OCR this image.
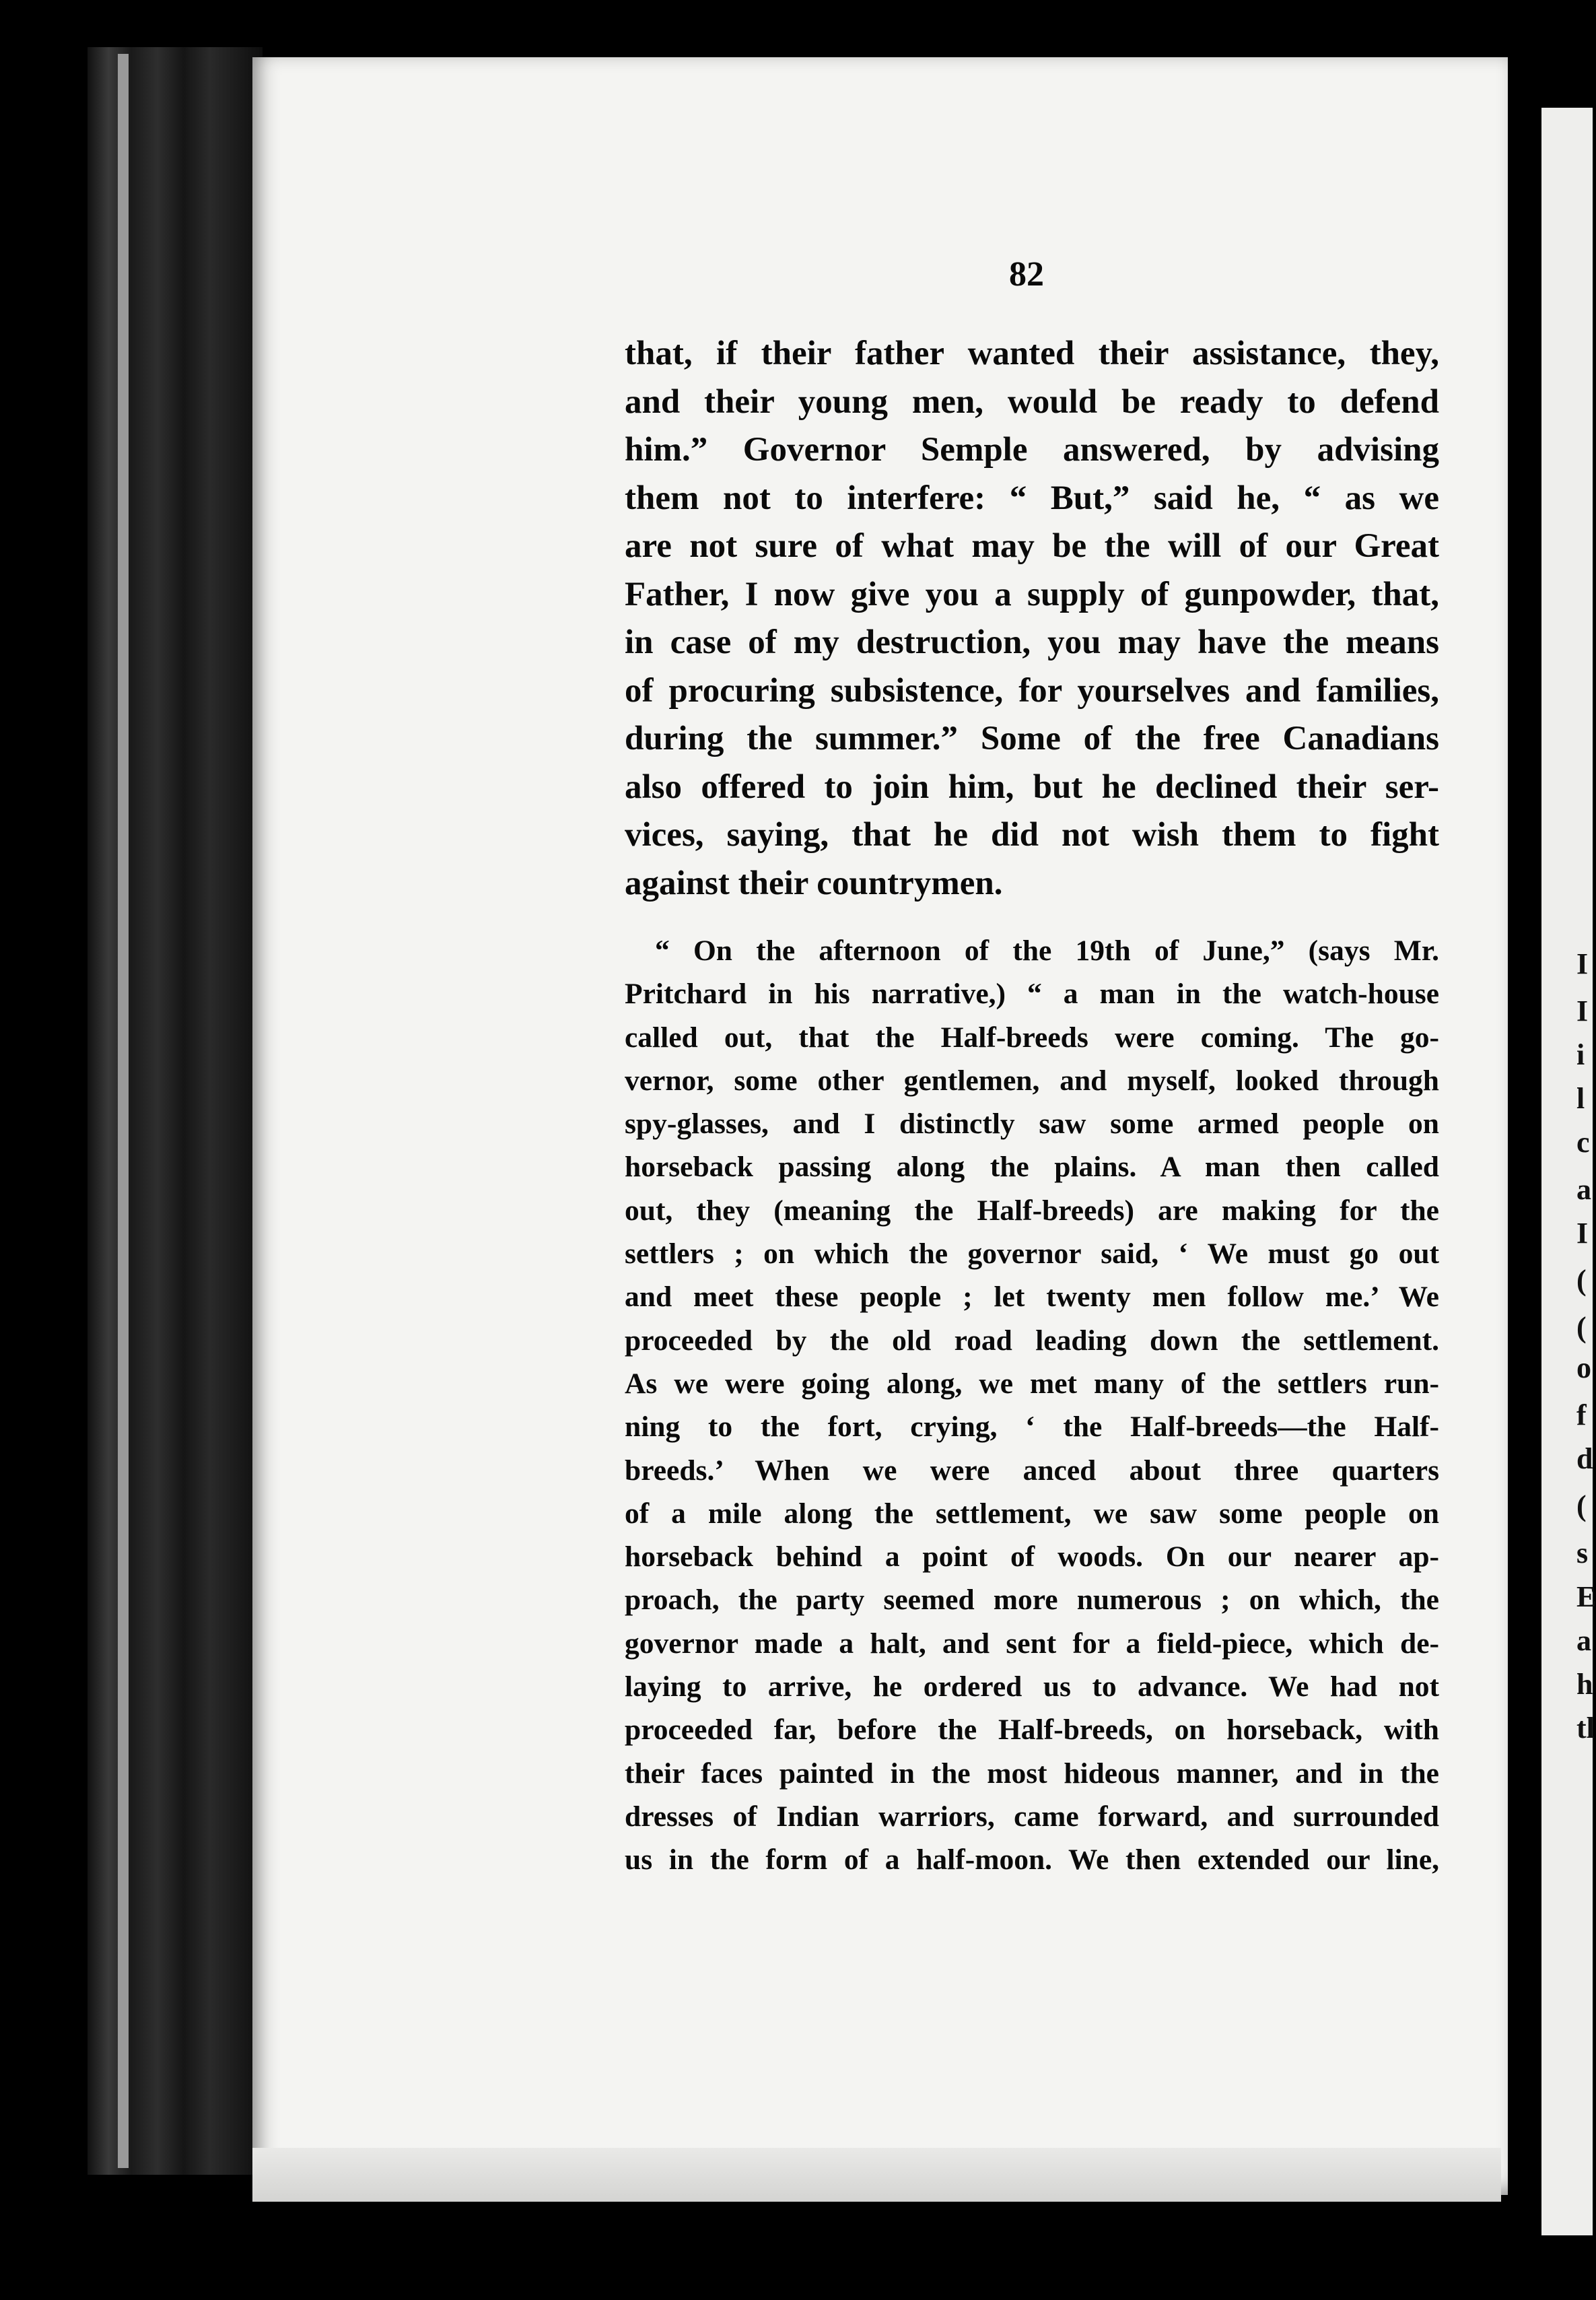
I
I
i
l
c
a
I
(
(
o
f
d
(
s
E
a
h
tl
82
that, if their father wanted their assistance, they,
and their young men, would be ready to defend
him.” Governor Semple answered, by advising
them not to interfere: “ But,” said he, “ as we
are not sure of what may be the will of our Great
Father, I now give you a supply of gunpowder, that,
in case of my destruction, you may have the means
of procuring subsistence, for yourselves and families,
during the summer.” Some of the free Canadians
also offered to join him, but he declined their ser-
vices, saying, that he did not wish them to fight
against their countrymen.
“ On the afternoon of the 19th of June,” (says Mr.
Pritchard in his narrative,) “ a man in the watch-house
called out, that the Half-breeds were coming. The go-
vernor, some other gentlemen, and myself, looked through
spy-glasses, and I distinctly saw some armed people on
horseback passing along the plains. A man then called
out, they (meaning the Half-breeds) are making for the
settlers ; on which the governor said, ‘ We must go out
and meet these people ; let twenty men follow me.’ We
proceeded by the old road leading down the settlement.
As we were going along, we met many of the settlers run-
ning to the fort, crying, ‘ the Half-breeds—the Half-
breeds.’ When we were anced about three quarters
of a mile along the settlement, we saw some people on
horseback behind a point of woods. On our nearer ap-
proach, the party seemed more numerous ; on which, the
governor made a halt, and sent for a field-piece, which de-
laying to arrive, he ordered us to advance. We had not
proceeded far, before the Half-breeds, on horseback, with
their faces painted in the most hideous manner, and in the
dresses of Indian warriors, came forward, and surrounded
us in the form of a half-moon. We then extended our line,
